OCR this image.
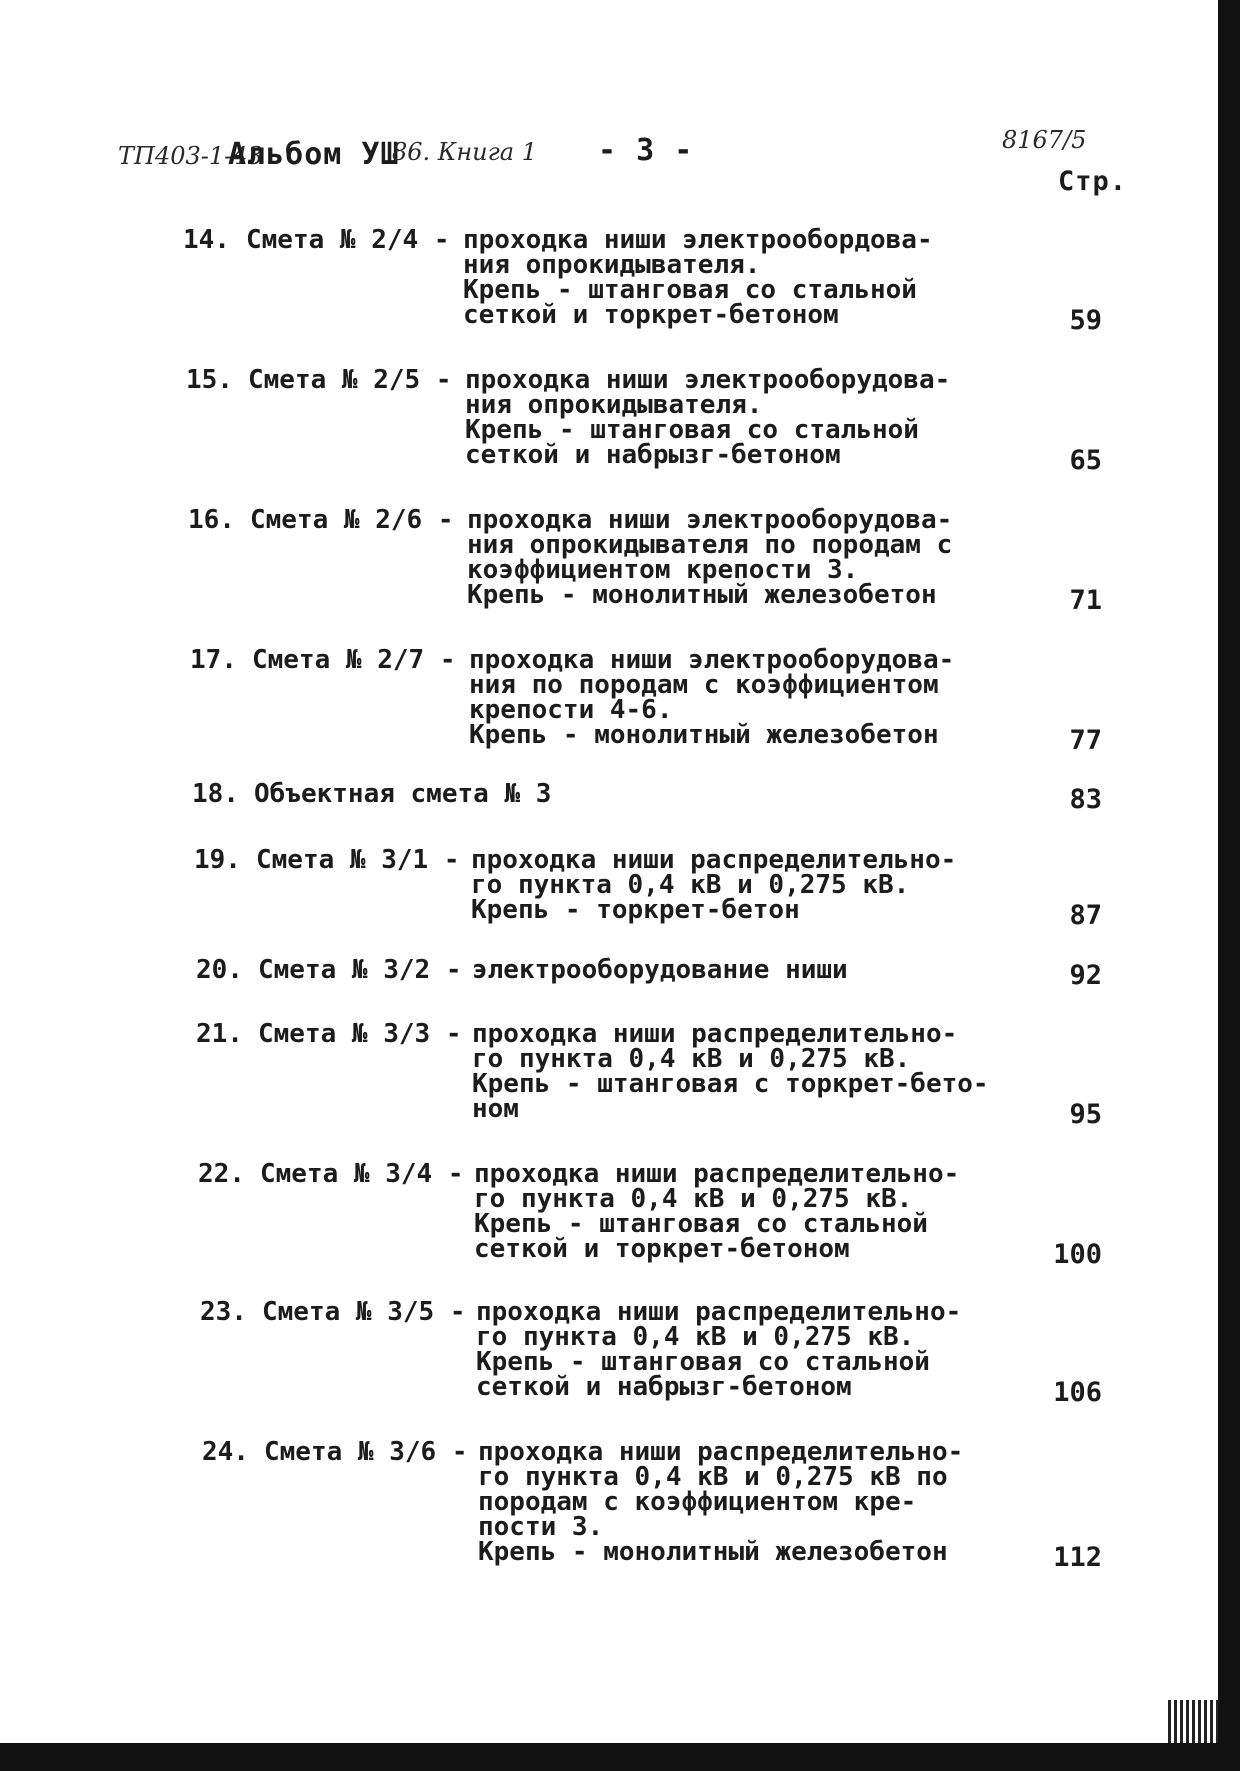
ТП403-1-43
Альбом УШ
86. Книга 1 - 3 -	8167/5
Стр.
14. Смета № 2/4 - проходка ниши электрообордова-
ния опрокидывателя.
Крепь - штанговая со стальной
сеткой и торкрет-бетоном	59
15. Смета № 2/5 - проходка ниши электрооборудова-
ния опрокидывателя.
Крепь - штанговая со стальной
сеткой и набрызг-бетоном	65
16. Смета № 2/6 - проходка ниши электрооборудова-
ния опрокидывателя по породам с
коэффициентом крепости 3.
Крепь - монолитный железобетон	71
17. Смета № 2/7 - проходка ниши электрооборудова-
ния по породам с коэффициентом
крепости 4-6.
Крепь - монолитный железобетон	77
18. Объектная смета № 3	83
19. Смета № 3/1 - проходка ниши распределительно-
го пункта 0,4 кВ и 0,275 кВ.
Крепь - торкрет-бетон	87
20. Смета № 3/2 - электрооборудование ниши	92
21. Смета № 3/3 - проходка ниши распределительно-
го пункта 0,4 кВ и 0,275 кВ.
Крепь - штанговая с торкрет-бето-
ном	95
22. Смета № 3/4 - проходка ниши распределительно-
го пункта 0,4 кВ и 0,275 кВ.
Крепь - штанговая со стальной
сеткой и торкрет-бетоном	100
23. Смета № 3/5 - проходка ниши распределительно-
го пункта 0,4 кВ и 0,275 кВ.
Крепь - штанговая со стальной
сеткой и набрызг-бетоном	106
24. Смета № 3/6 - проходка ниши распределительно-
го пункта 0,4 кВ и 0,275 кВ по
породам с коэффициентом кре-
пости 3.
Крепь - монолитный железобетон	112
